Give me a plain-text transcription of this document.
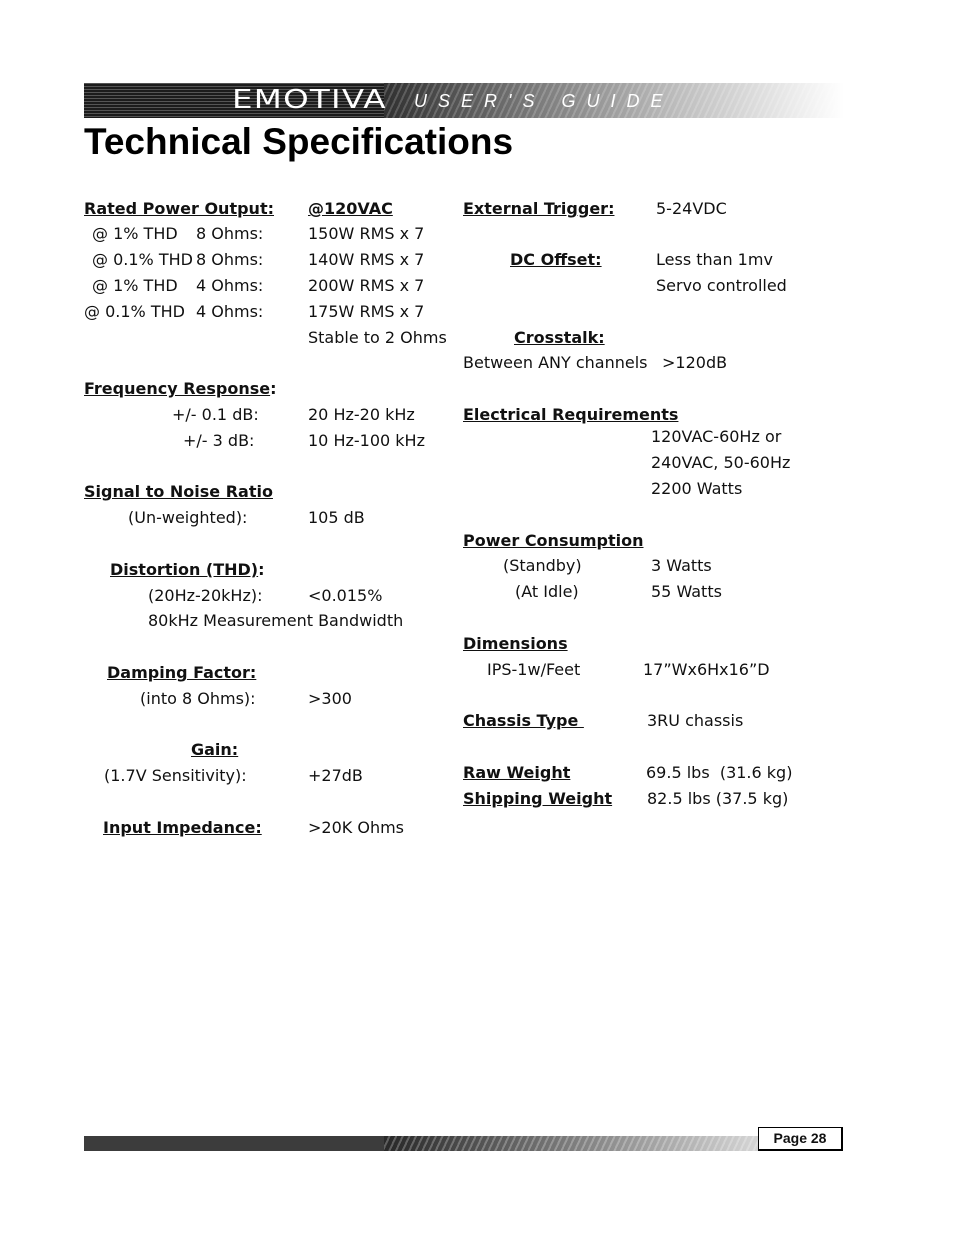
EMOTIVA USER'S GUIDE
Technical Specifications
Rated Power Output: @120VAC
@ 1% THD 8 Ohms:	150W RMS x 7
@ 0.1% THD 8 Ohms:	140W RMS x 7
@ 1% THD 4 Ohms:	200W RMS x 7
@ 0.1% THD 4 Ohms:	175W RMS x 7
Stable to 2 Ohms
Frequency Response:
+/- 0.1 dB:	20 Hz-20 kHz
+/- 3 dB:	10 Hz-100 kHz
Signal to Noise Ratio
(Un-weighted):	105 dB
Distortion (THD):
(20Hz-20kHz):	<0.015%
80kHz Measurement Bandwidth
Damping Factor:
(into 8 Ohms):	>300
Gain:
(1.7V Sensitivity):	+27dB
Input Impedance:	>20K Ohms
External Trigger:	5-24VDC
DC Offset:	Less than 1mv
Servo controlled
Crosstalk:
Between ANY channels >120dB
Electrical Requirements
120VAC-60Hz or
240VAC, 50-60Hz
2200 Watts
Power Consumption
(Standby)	3 Watts
(At Idle)	55 Watts
Dimensions
IPS-1w/Feet	17”Wx6Hx16”D
Chassis Type	3RU chassis
Raw Weight	69.5 lbs  (31.6 kg)
Shipping Weight 82.5 lbs (37.5 kg)
Page 28
